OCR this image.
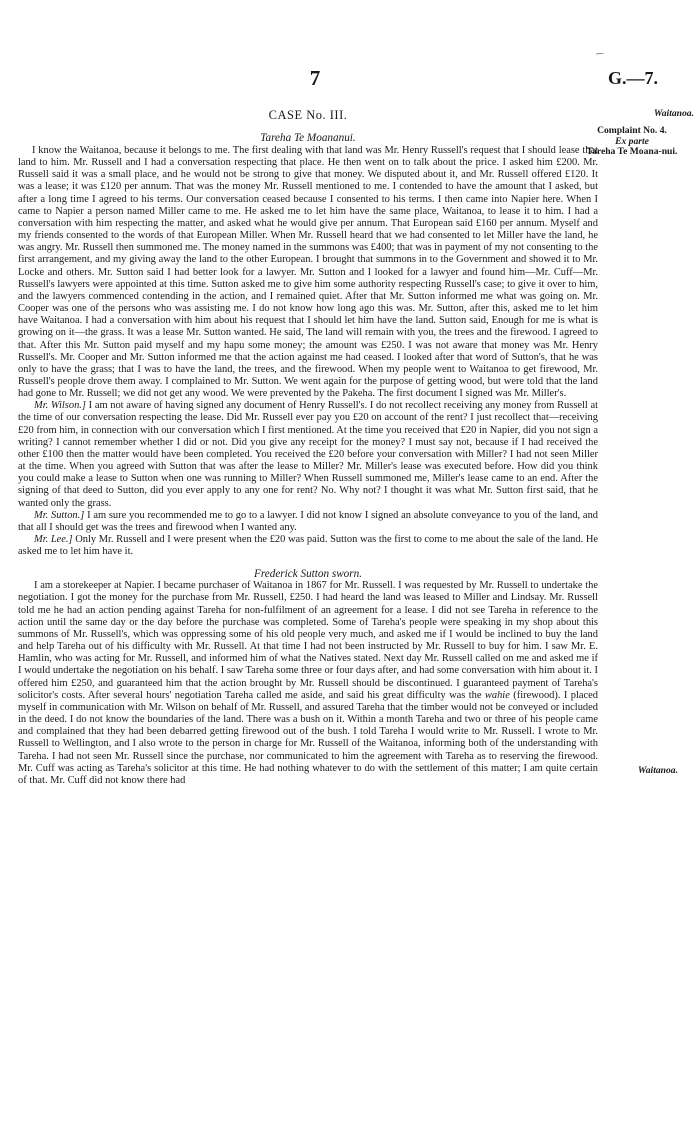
7	G.—7.
Waitanoa.
Complaint No. 4.
Ex parte
Tareha Te Moana-nui.
Waitanoa.
CASE No. III.
Tareha Te Moananui.

I know the Waitanoa, because it belongs to me. The first dealing with that land was Mr. Henry Russell's request that I should lease that land to him. Mr. Russell and I had a conversation respecting that place. He then went on to talk about the price. I asked him £200. Mr. Russell said it was a small place, and he would not be strong to give that money. We disputed about it, and Mr. Russell offered £120. It was a lease; it was £120 per annum. That was the money Mr. Russell mentioned to me. I contended to have the amount that I asked, but after a long time I agreed to his terms. Our conversation ceased because I consented to his terms. I then came into Napier here. When I came to Napier a person named Miller came to me. He asked me to let him have the same place, Waitanoa, to lease it to him. I had a conversation with him respecting the matter, and asked what he would give per annum. That European said £160 per annum. Myself and my friends consented to the words of that European Miller. When Mr. Russell heard that we had consented to let Miller have the land, he was angry. Mr. Russell then summoned me. The money named in the summons was £400; that was in payment of my not consenting to the first arrangement, and my giving away the land to the other European. I brought that summons in to the Government and showed it to Mr. Locke and others. Mr. Sutton said I had better look for a lawyer. Mr. Sutton and I looked for a lawyer and found him—Mr. Cuff—Mr. Russell's lawyers were appointed at this time. Sutton asked me to give him some authority respecting Russell's case; to give it over to him, and the lawyers commenced contending in the action, and I remained quiet. After that Mr. Sutton informed me what was going on. Mr. Cooper was one of the persons who was assisting me. I do not know how long ago this was. Mr. Sutton, after this, asked me to let him have Waitanoa. I had a conversation with him about his request that I should let him have the land. Sutton said, Enough for me is what is growing on it—the grass. It was a lease Mr. Sutton wanted. He said, The land will remain with you, the trees and the firewood. I agreed to that. After this Mr. Sutton paid myself and my hapu some money; the amount was £250. I was not aware that money was Mr. Henry Russell's. Mr. Cooper and Mr. Sutton informed me that the action against me had ceased. I looked after that word of Sutton's, that he was only to have the grass; that I was to have the land, the trees, and the firewood. When my people went to Waitanoa to get firewood, Mr. Russell's people drove them away. I complained to Mr. Sutton. We went again for the purpose of getting wood, but were told that the land had gone to Mr. Russell; we did not get any wood. We were prevented by the Pakeha. The first document I signed was Mr. Miller's.

Mr. Wilson.] I am not aware of having signed any document of Henry Russell's. I do not recollect receiving any money from Russell at the time of our conversation respecting the lease. Did Mr. Russell ever pay you £20 on account of the rent? I just recollect that—receiving £20 from him, in connection with our conversation which I first mentioned. At the time you received that £20 in Napier, did you not sign a writing? I cannot remember whether I did or not. Did you give any receipt for the money? I must say not, because if I had received the other £100 then the matter would have been completed. You received the £20 before your conversation with Miller? I had not seen Miller at the time. When you agreed with Sutton that was after the lease to Miller? Mr. Miller's lease was executed before. How did you think you could make a lease to Sutton when one was running to Miller? When Russell summoned me, Miller's lease came to an end. After the signing of that deed to Sutton, did you ever apply to any one for rent? No. Why not? I thought it was what Mr. Sutton first said, that he wanted only the grass.

Mr. Sutton.] I am sure you recommended me to go to a lawyer. I did not know I signed an absolute conveyance to you of the land, and that all I should get was the trees and firewood when I wanted any.

Mr. Lee.] Only Mr. Russell and I were present when the £20 was paid. Sutton was the first to come to me about the sale of the land. He asked me to let him have it.

Frederick Sutton sworn.

I am a storekeeper at Napier. I became purchaser of Waitanoa in 1867 for Mr. Russell. I was requested by Mr. Russell to undertake the negotiation. I got the money for the purchase from Mr. Russell, £250. I had heard the land was leased to Miller and Lindsay. Mr. Russell told me he had an action pending against Tareha for non-fulfilment of an agreement for a lease. I did not see Tareha in reference to the action until the same day or the day before the purchase was completed. Some of Tareha's people were speaking in my shop about this summons of Mr. Russell's, which was oppressing some of his old people very much, and asked me if I would be inclined to buy the land and help Tareha out of his difficulty with Mr. Russell. At that time I had not been instructed by Mr. Russell to buy for him. I saw Mr. E. Hamlin, who was acting for Mr. Russell, and informed him of what the Natives stated. Next day Mr. Russell called on me and asked me if I would undertake the negotiation on his behalf. I saw Tareha some three or four days after, and had some conversation with him about it. I offered him £250, and guaranteed him that the action brought by Mr. Russell should be discontinued. I guaranteed payment of Tareha's solicitor's costs. After several hours' negotiation Tareha called me aside, and said his great difficulty was the wahie (firewood). I placed myself in communication with Mr. Wilson on behalf of Mr. Russell, and assured Tareha that the timber would not be conveyed or included in the deed. I do not know the boundaries of the land. There was a bush on it. Within a month Tareha and two or three of his people came and complained that they had been debarred getting firewood out of the bush. I told Tareha I would write to Mr. Russell. I wrote to Mr. Russell to Wellington, and I also wrote to the person in charge for Mr. Russell of the Waitanoa, informing both of the understanding with Tareha. I had not seen Mr. Russell since the purchase, nor communicated to him the agreement with Tareha as to reserving the firewood. Mr. Cuff was acting as Tareha's solicitor at this time. He had nothing whatever to do with the settlement of this matter; I am quite certain of that. Mr. Cuff did not know there had
